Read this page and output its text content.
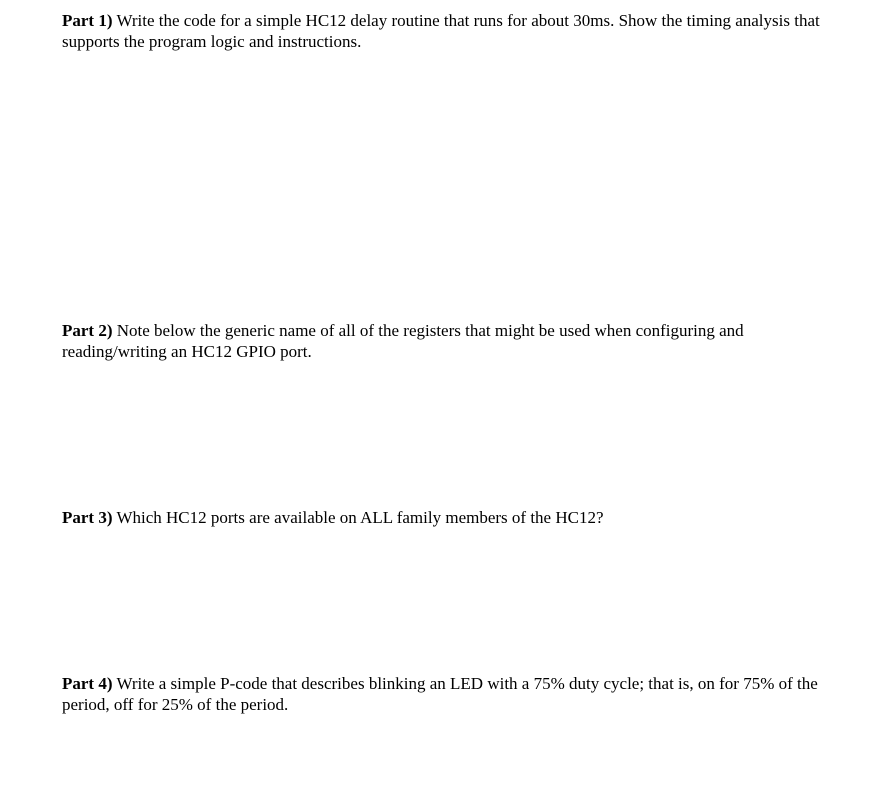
Part 1) Write the code for a simple HC12 delay routine that runs for about 30ms. Show the timing analysis that supports the program logic and instructions.

Part 2) Note below the generic name of all of the registers that might be used when configuring and reading/writing an HC12 GPIO port.

Part 3) Which HC12 ports are available on ALL family members of the HC12?

Part 4) Write a simple P-code that describes blinking an LED with a 75% duty cycle; that is, on for 75% of the period, off for 25% of the period.
